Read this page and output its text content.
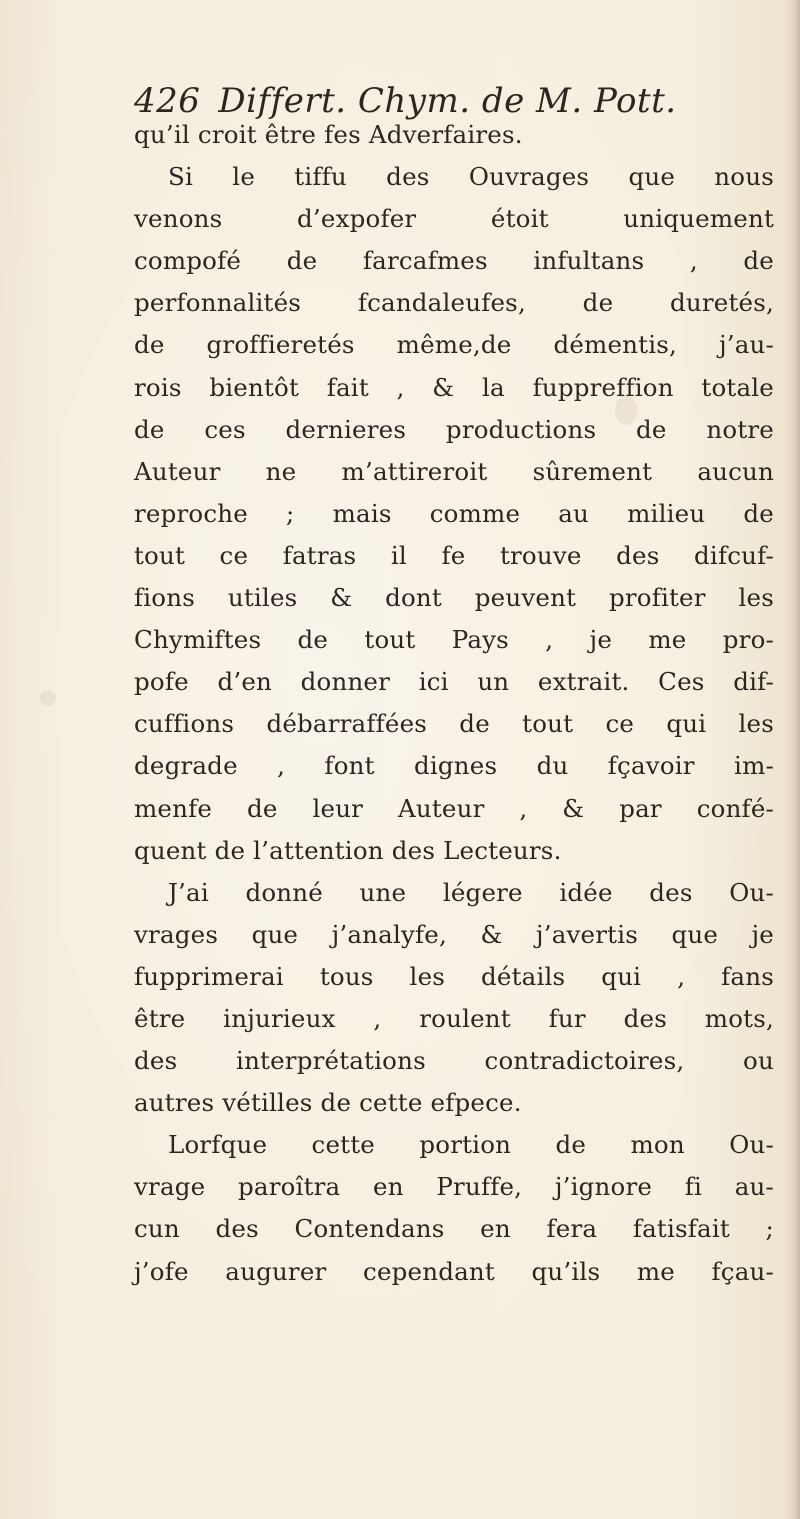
426 Differt. Chym. de M. Pott.
qu’il croit être fes Adverfaires.
Si le tiffu des Ouvrages que nous
venons d’expofer étoit uniquement
compofé de farcafmes infultans , de
perfonnalités fcandaleufes, de duretés,
de groffieretés même,de démentis, j’au-
rois bientôt fait , & la fuppreffion totale
de ces dernieres productions de notre
Auteur ne m’attireroit sûrement aucun
reproche ; mais comme au milieu de
tout ce fatras il fe trouve des difcuf-
fions utiles & dont peuvent profiter les
Chymiftes de tout Pays , je me pro-
pofe d’en donner ici un extrait. Ces dif-
cuffions débarraffées de tout ce qui les
degrade , font dignes du fçavoir im-
menfe de leur Auteur , & par confé-
quent de l’attention des Lecteurs.
J’ai donné une légere idée des Ou-
vrages que j’analyfe, & j’avertis que je
fupprimerai tous les détails qui , fans
être injurieux , roulent fur des mots,
des interprétations contradictoires, ou
autres vétilles de cette efpece.
Lorfque cette portion de mon Ou-
vrage paroîtra en Pruffe, j’ignore fi au-
cun des Contendans en fera fatisfait ;
j’ofe augurer cependant qu’ils me fçau-
